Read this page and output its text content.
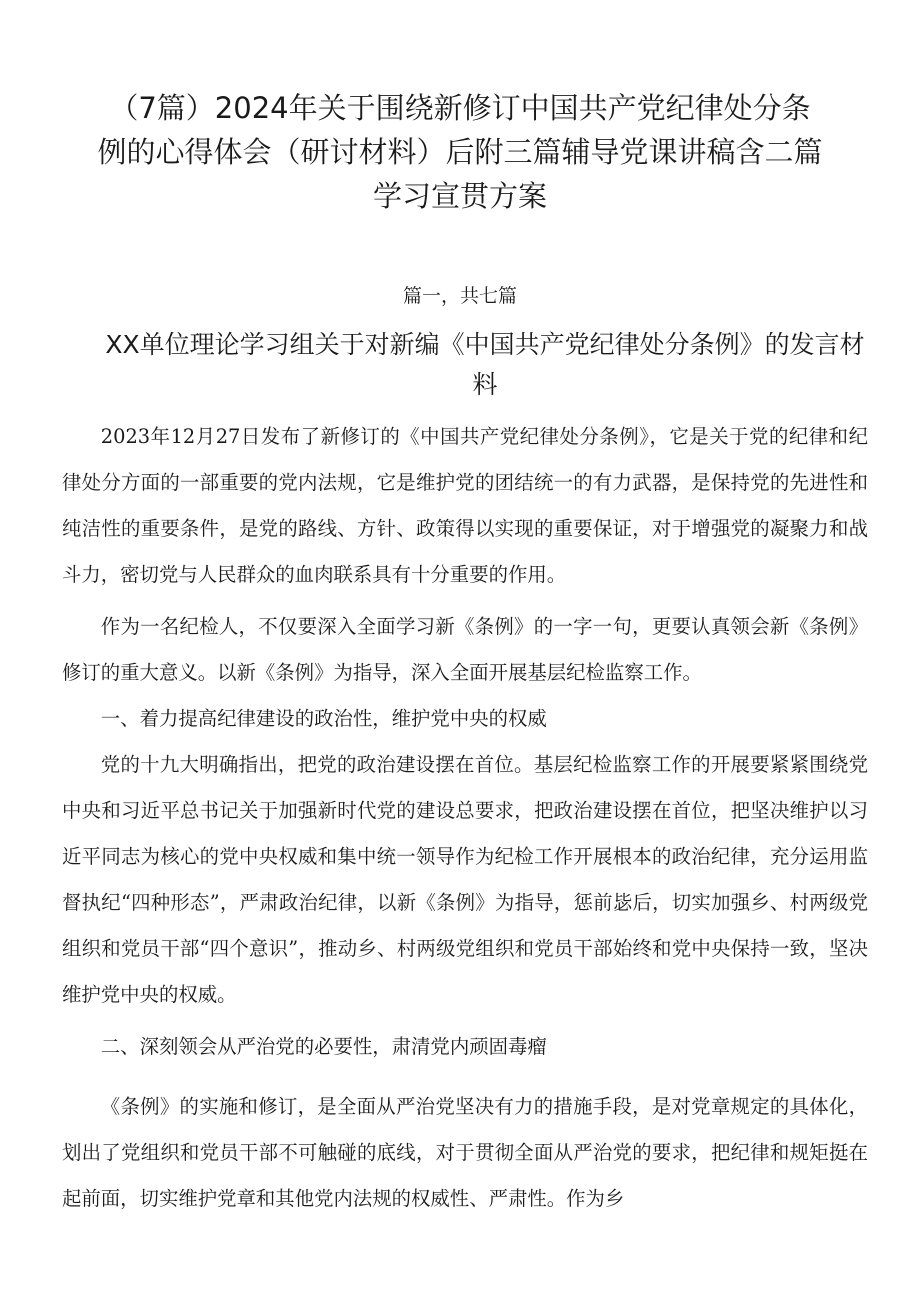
（7篇）2024年关于围绕新修订中国共产党纪律处分条例的心得体会（研讨材料）后附三篇辅导党课讲稿含二篇学习宣贯方案

篇一，共七篇

XX单位理论学习组关于对新编《中国共产党纪律处分条例》的发言材料

2023年12月27日发布了新修订的《中国共产党纪律处分条例》，它是关于党的纪律和纪律处分方面的一部重要的党内法规，它是维护党的团结统一的有力武器，是保持党的先进性和纯洁性的重要条件，是党的路线、方针、政策得以实现的重要保证，对于增强党的凝聚力和战斗力，密切党与人民群众的血肉联系具有十分重要的作用。

作为一名纪检人，不仅要深入全面学习新《条例》的一字一句，更要认真领会新《条例》修订的重大意义。以新《条例》为指导，深入全面开展基层纪检监察工作。

一、着力提高纪律建设的政治性，维护党中央的权威

党的十九大明确指出，把党的政治建设摆在首位。基层纪检监察工作的开展要紧紧围绕党中央和习近平总书记关于加强新时代党的建设总要求，把政治建设摆在首位，把坚决维护以习近平同志为核心的党中央权威和集中统一领导作为纪检工作开展根本的政治纪律，充分运用监督执纪“四种形态”，严肃政治纪律，以新《条例》为指导，惩前毖后，切实加强乡、村两级党组织和党员干部“四个意识”，推动乡、村两级党组织和党员干部始终和党中央保持一致，坚决维护党中央的权威。

二、深刻领会从严治党的必要性，肃清党内顽固毒瘤

《条例》的实施和修订，是全面从严治党坚决有力的措施手段，是对党章规定的具体化，划出了党组织和党员干部不可触碰的底线，对于贯彻全面从严治党的要求，把纪律和规矩挺在起前面，切实维护党章和其他党内法规的权威性、严肃性。作为乡
